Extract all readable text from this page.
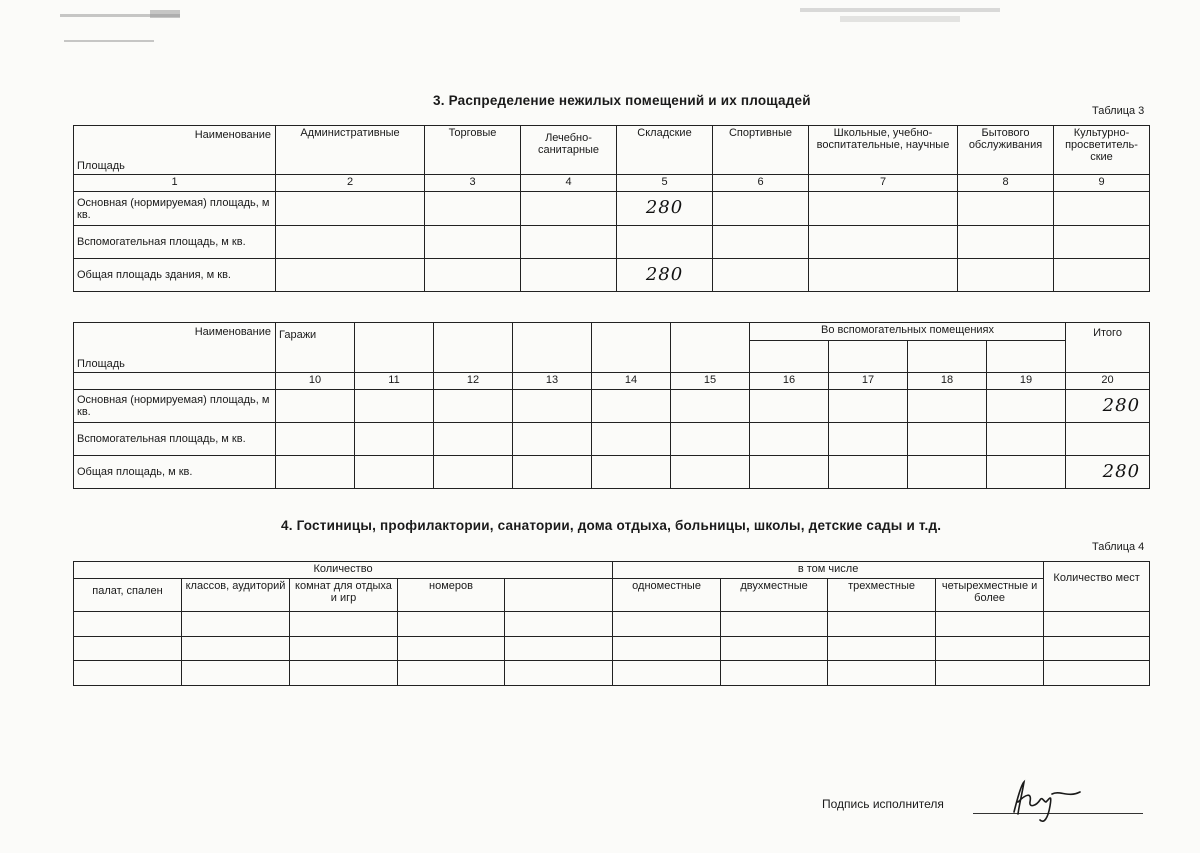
3. Распределение нежилых помещений и их площадей
Таблица 3
Наименование
Площадь	Административные	Торговые	Лечебно-санитарные	Складские	Спортивные	Школьные, учебно-воспитательные, научные	Бытового обслуживания	Культурно-просветитель-ские
1	2	3	4	5	6	7	8	9
Основная (нормируемая) площадь, м кв.				280				

Вспомогательная площадь, м кв.				

Общая площадь здания, м кв.				280				

Наименование
Площадь	Гаражи						Во вспомогательных помещениях				Итого

	10	11	12	13	14	15	16	17	18	19	20
Основная (нормируемая) площадь, м кв.											280

Вспомогательная площадь, м кв.											

Общая площадь, м кв.											280
4. Гостиницы, профилактории, санатории, дома отдыха, больницы, школы, детские сады и т.д.
Таблица 4
Количество					в том числе				Количество мест
палат, спален	классов, аудиторий	комнат для отдыха и игр	номеров		одноместные	двухместные	трехместные	четырехместные и более	

Подпись исполнителя
